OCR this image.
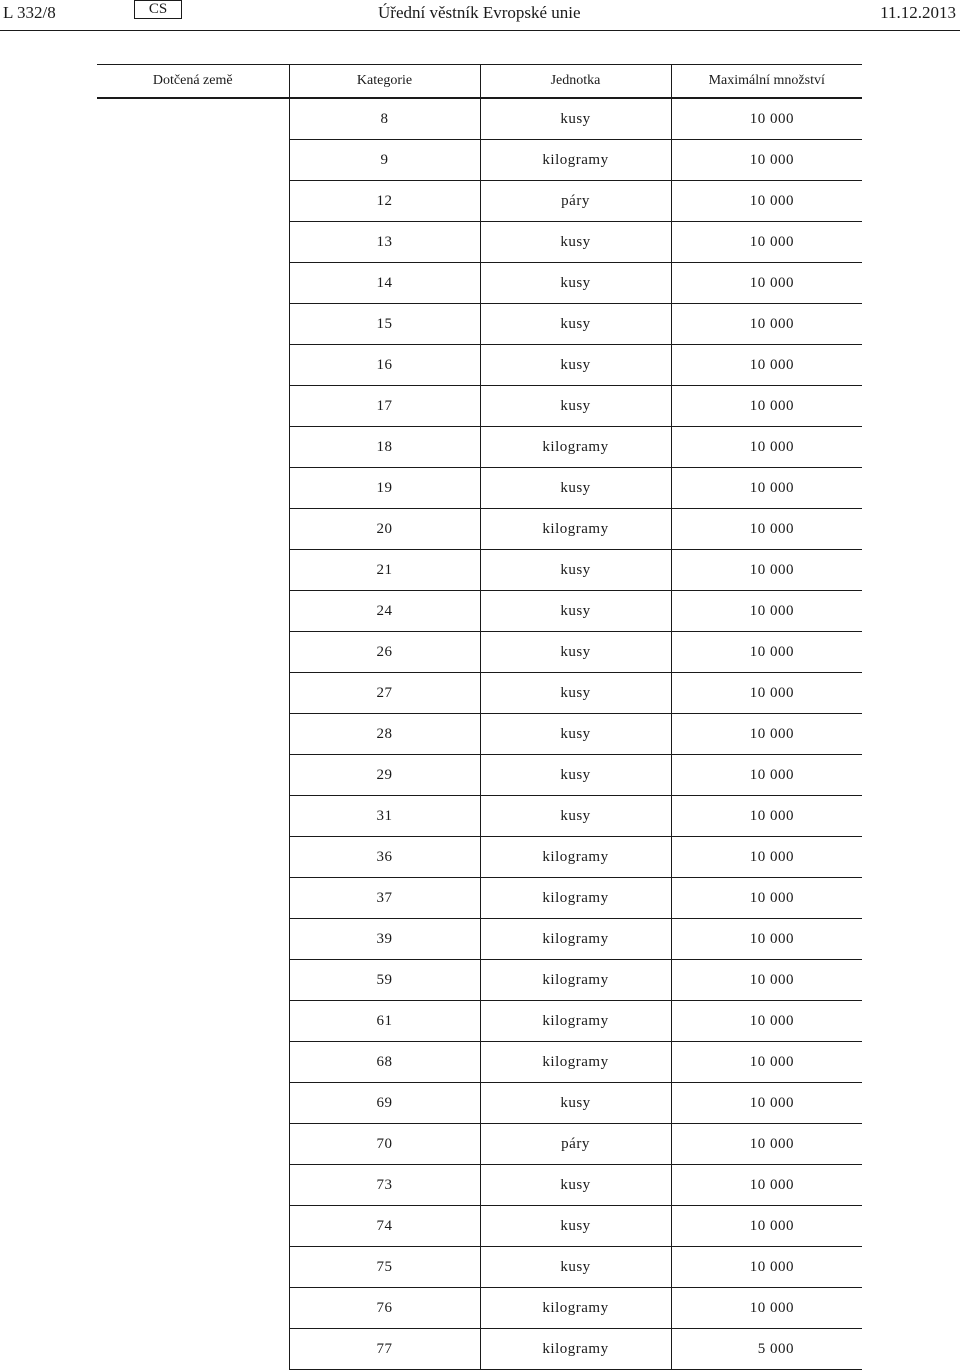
L 332/8	CS	Úřední věstník Evropské unie	11.12.2013
Dotčená země	Kategorie	Jednotka	Maximální množství
	8	kusy	10 000
	9	kilogramy	10 000
	12	páry	10 000
	13	kusy	10 000
	14	kusy	10 000
	15	kusy	10 000
	16	kusy	10 000
	17	kusy	10 000
	18	kilogramy	10 000
	19	kusy	10 000
	20	kilogramy	10 000
	21	kusy	10 000
	24	kusy	10 000
	26	kusy	10 000
	27	kusy	10 000
	28	kusy	10 000
	29	kusy	10 000
	31	kusy	10 000
	36	kilogramy	10 000
	37	kilogramy	10 000
	39	kilogramy	10 000
	59	kilogramy	10 000
	61	kilogramy	10 000
	68	kilogramy	10 000
	69	kusy	10 000
	70	páry	10 000
	73	kusy	10 000
	74	kusy	10 000
	75	kusy	10 000
	76	kilogramy	10 000
	77	kilogramy	5 000
